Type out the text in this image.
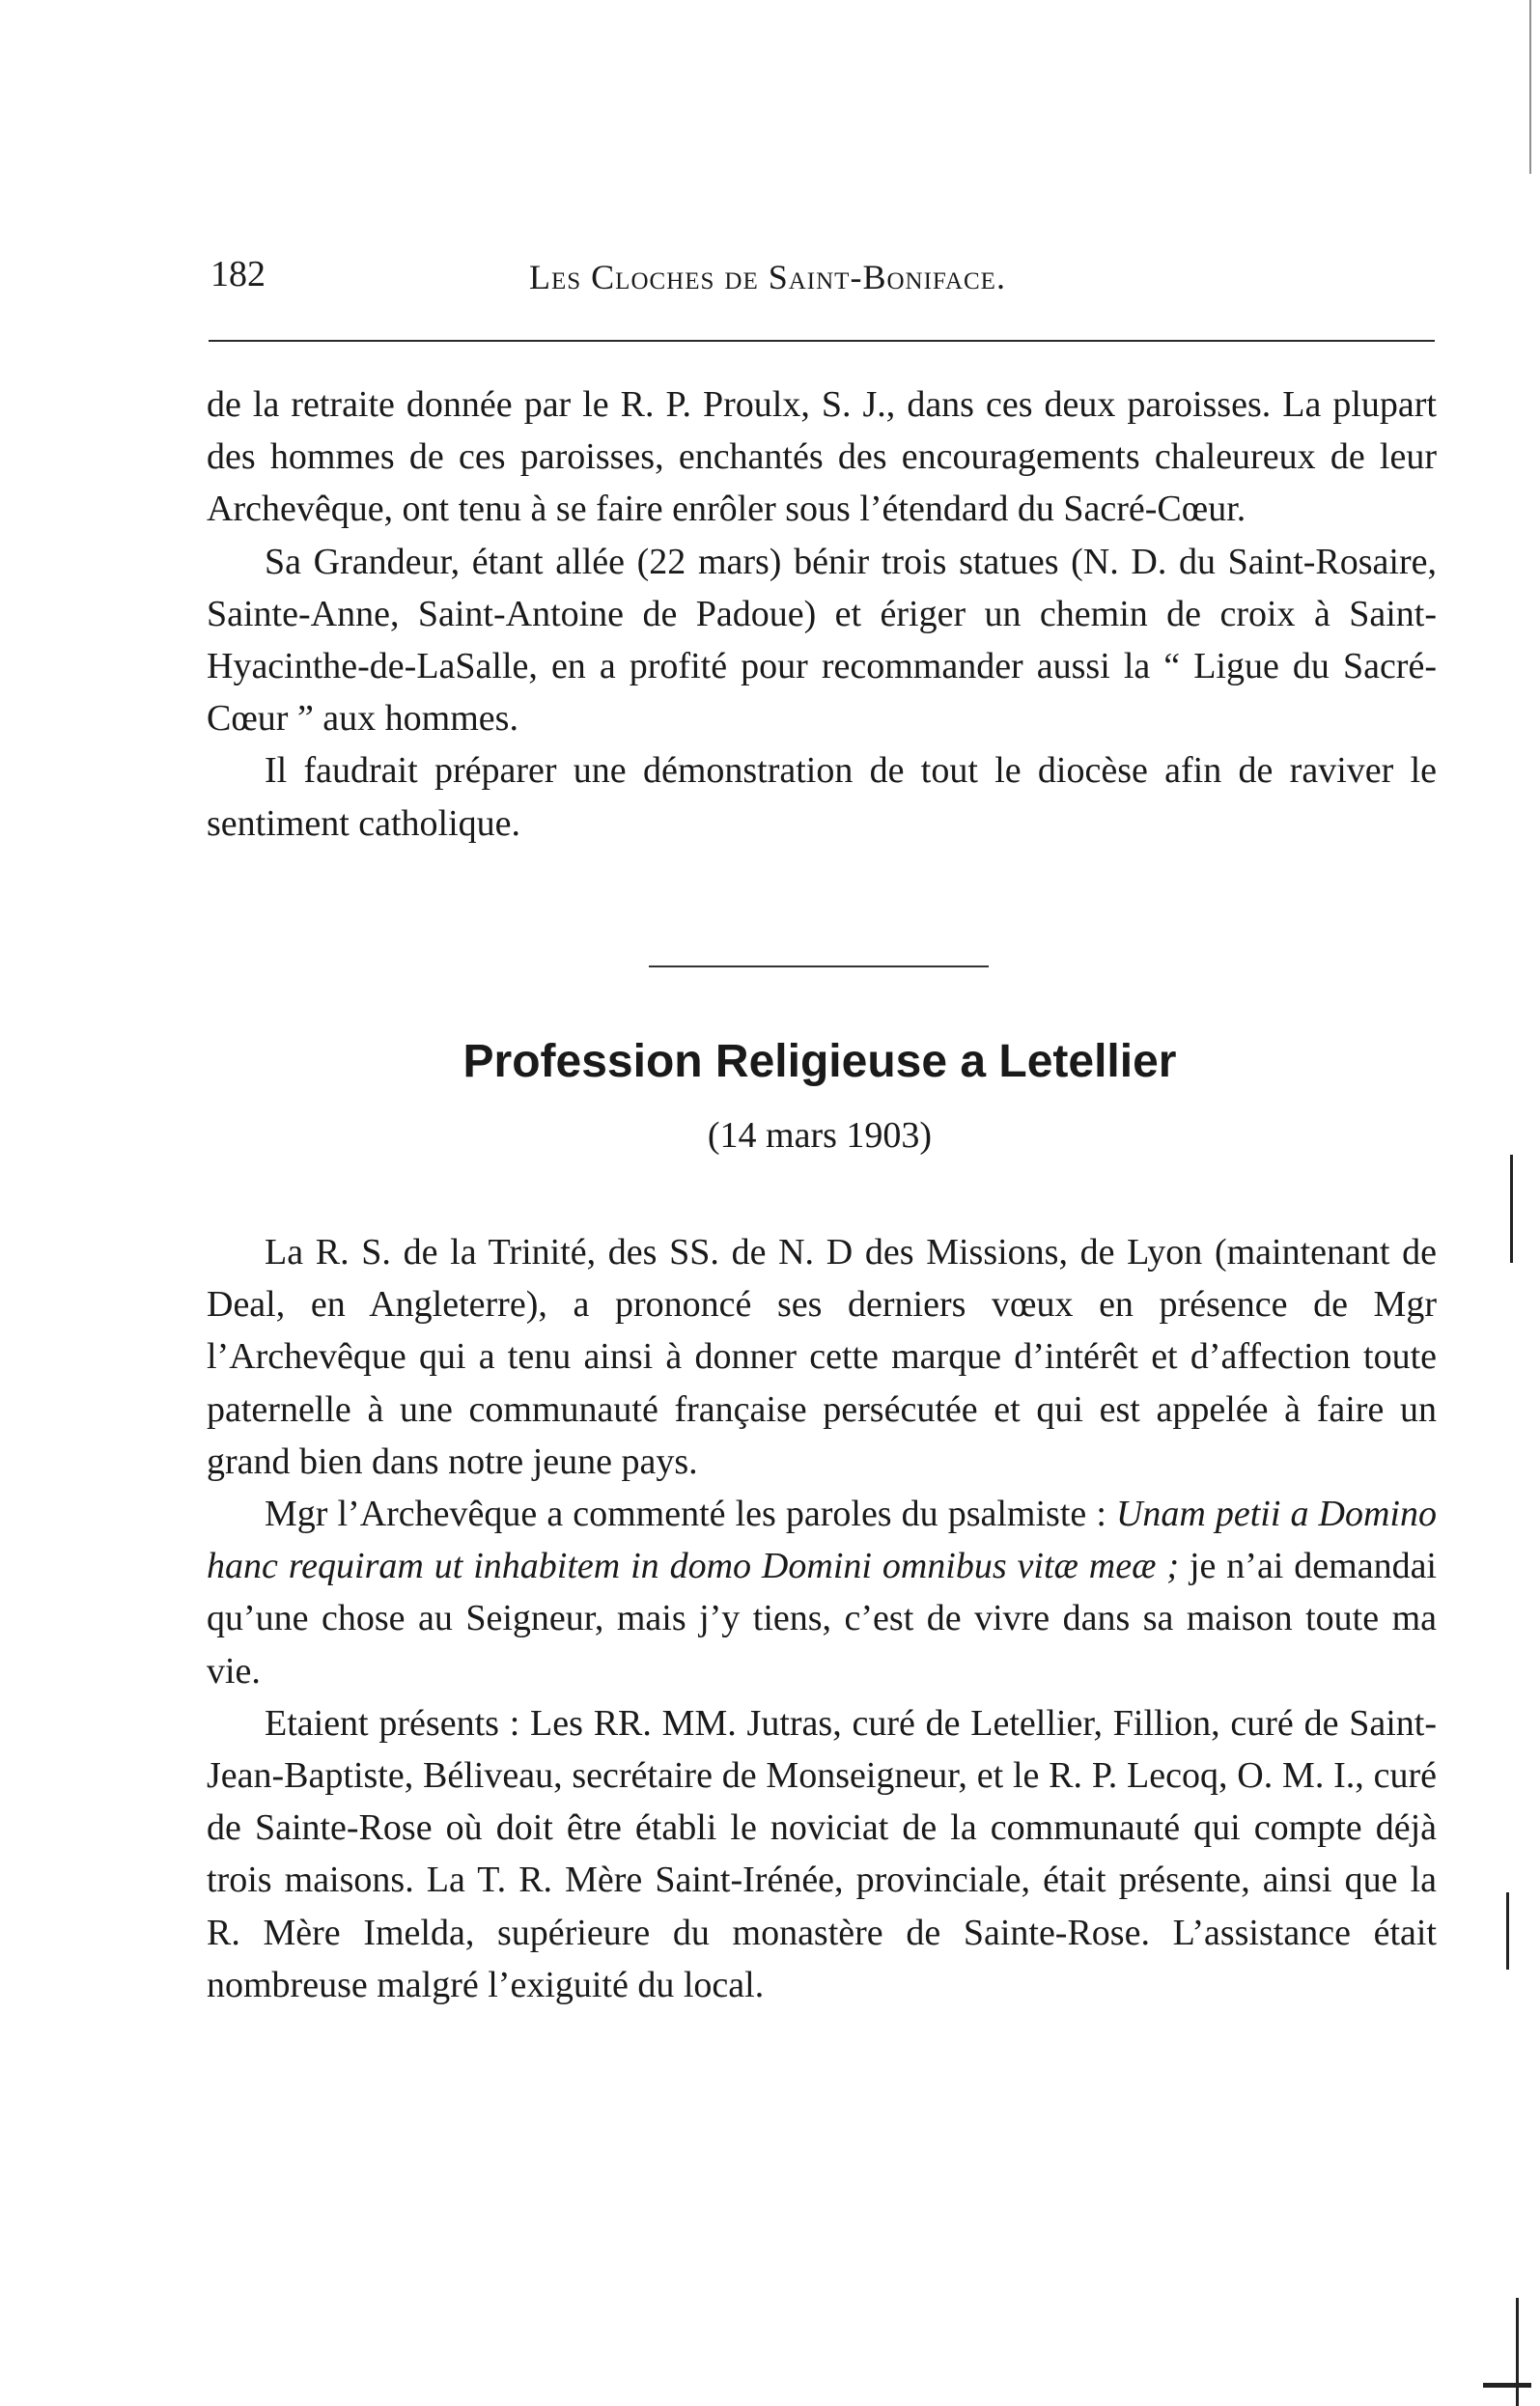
182	Les Cloches de Saint-Boniface.

de la retraite donnée par le R. P. Proulx, S. J., dans ces deux paroisses. La plupart des hommes de ces paroisses, enchantés des encouragements chaleureux de leur Archevêque, ont tenu à se faire enrôler sous l’étendard du Sacré-Cœur.

Sa Grandeur, étant allée (22 mars) bénir trois statues (N. D. du Saint-Rosaire, Sainte-Anne, Saint-Antoine de Padoue) et ériger un chemin de croix à Saint-Hyacinthe-de-LaSalle, en a profité pour recommander aussi la “ Ligue du Sacré-Cœur ” aux hommes.

Il faudrait préparer une démonstration de tout le diocèse afin de raviver le sentiment catholique.

Profession Religieuse a Letellier
(14 mars 1903)

La R. S. de la Trinité, des SS. de N. D des Missions, de Lyon (maintenant de Deal, en Angleterre), a prononcé ses derniers vœux en présence de Mgr l’Archevêque qui a tenu ainsi à donner cette marque d’intérêt et d’affection toute paternelle à une communauté française persécutée et qui est appelée à faire un grand bien dans notre jeune pays.

Mgr l’Archevêque a commenté les paroles du psalmiste : Unam petii a Domino hanc requiram ut inhabitem in domo Domini omnibus vitæ meæ ; je n’ai demandai qu’une chose au Seigneur, mais j’y tiens, c’est de vivre dans sa maison toute ma vie.

Etaient présents : Les RR. MM. Jutras, curé de Letellier, Fillion, curé de Saint-Jean-Baptiste, Béliveau, secrétaire de Monseigneur, et le R. P. Lecoq, O. M. I., curé de Sainte-Rose où doit être établi le noviciat de la communauté qui compte déjà trois maisons. La T. R. Mère Saint-Irénée, provinciale, était présente, ainsi que la R. Mère Imelda, supérieure du monastère de Sainte-Rose. L’assistance était nombreuse malgré l’exiguité du local.
